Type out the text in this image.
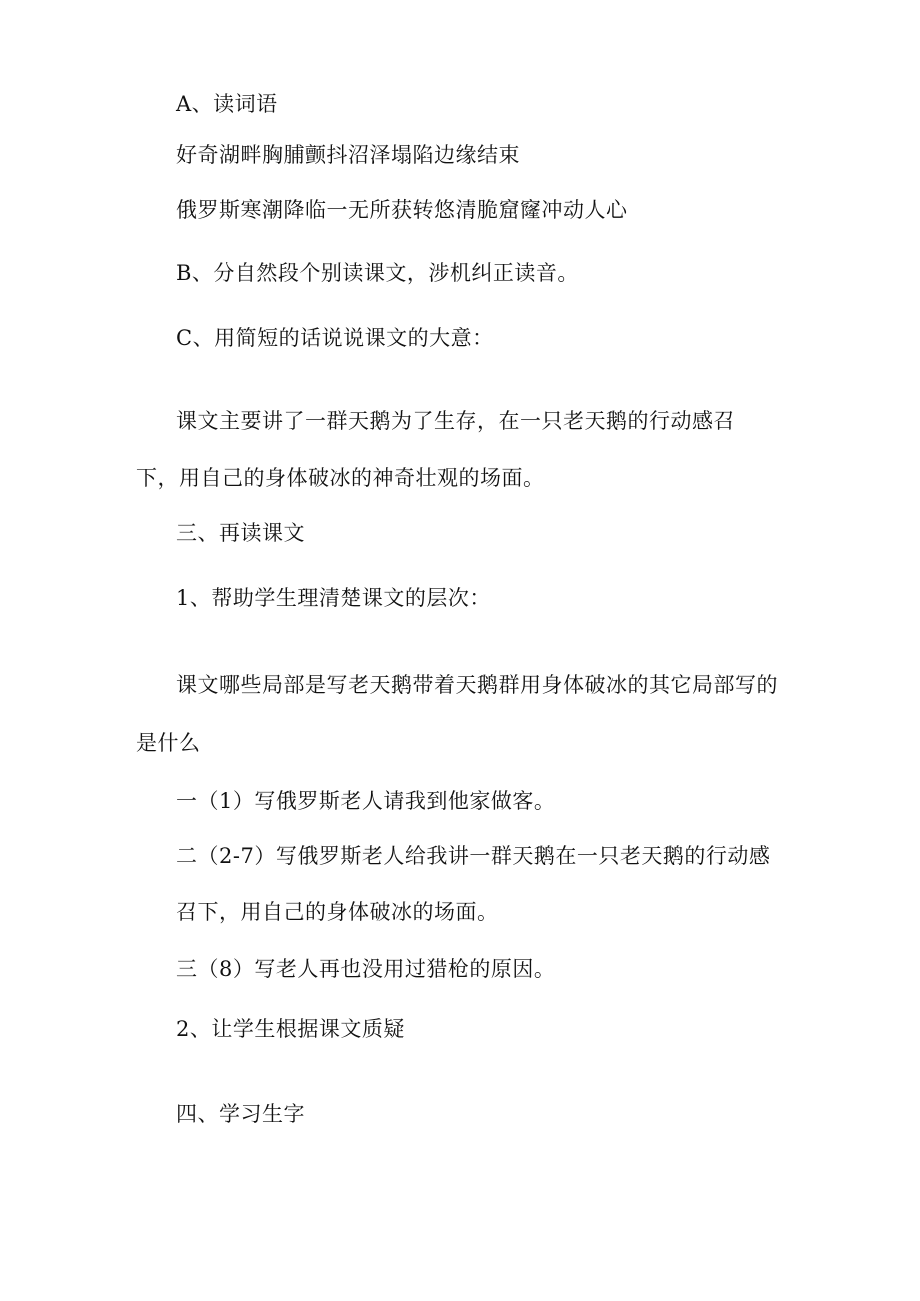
A、读词语
好奇湖畔胸脯颤抖沼泽塌陷边缘结束
俄罗斯寒潮降临一无所获转悠清脆窟窿冲动人心
B、分自然段个别读课文，涉机纠正读音。
C、用简短的话说说课文的大意：
课文主要讲了一群天鹅为了生存，在一只老天鹅的行动感召
下，用自己的身体破冰的神奇壮观的场面。
三、再读课文
1、帮助学生理清楚课文的层次：
课文哪些局部是写老天鹅带着天鹅群用身体破冰的其它局部写的
是什么
一（1）写俄罗斯老人请我到他家做客。
二（2-7）写俄罗斯老人给我讲一群天鹅在一只老天鹅的行动感
召下，用自己的身体破冰的场面。
三（8）写老人再也没用过猎枪的原因。
2、让学生根据课文质疑
四、学习生字
